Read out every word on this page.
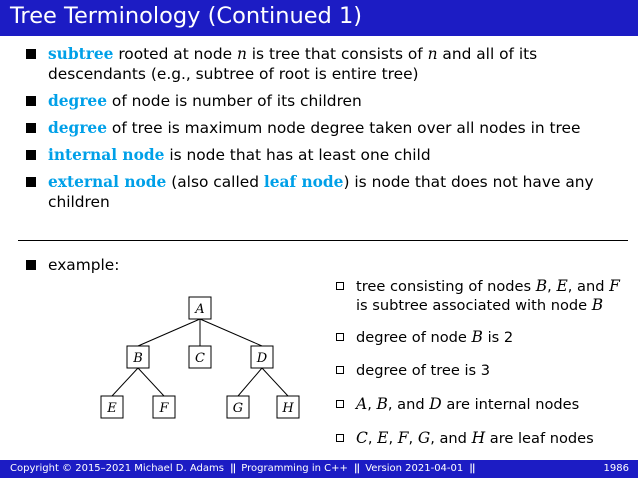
Tree Terminology (Continued 1)
subtree rooted at node n is tree that consists of n and all of its descendants (e.g., subtree of root is entire tree)
degree of node is number of its children
degree of tree is maximum node degree taken over all nodes in tree
internal node is node that has at least one child
external node (also called leaf node) is node that does not have any children
example:
A
B	C	D
E	F	G	H
tree consisting of nodes B, E, and F is subtree associated with node B
degree of node B is 2
degree of tree is 3
A, B, and D are internal nodes
C, E, F, G, and H are leaf nodes
Copyright © 2015–2021 Michael D. Adams || Programming in C++ || Version 2021-04-01 ||	1986
